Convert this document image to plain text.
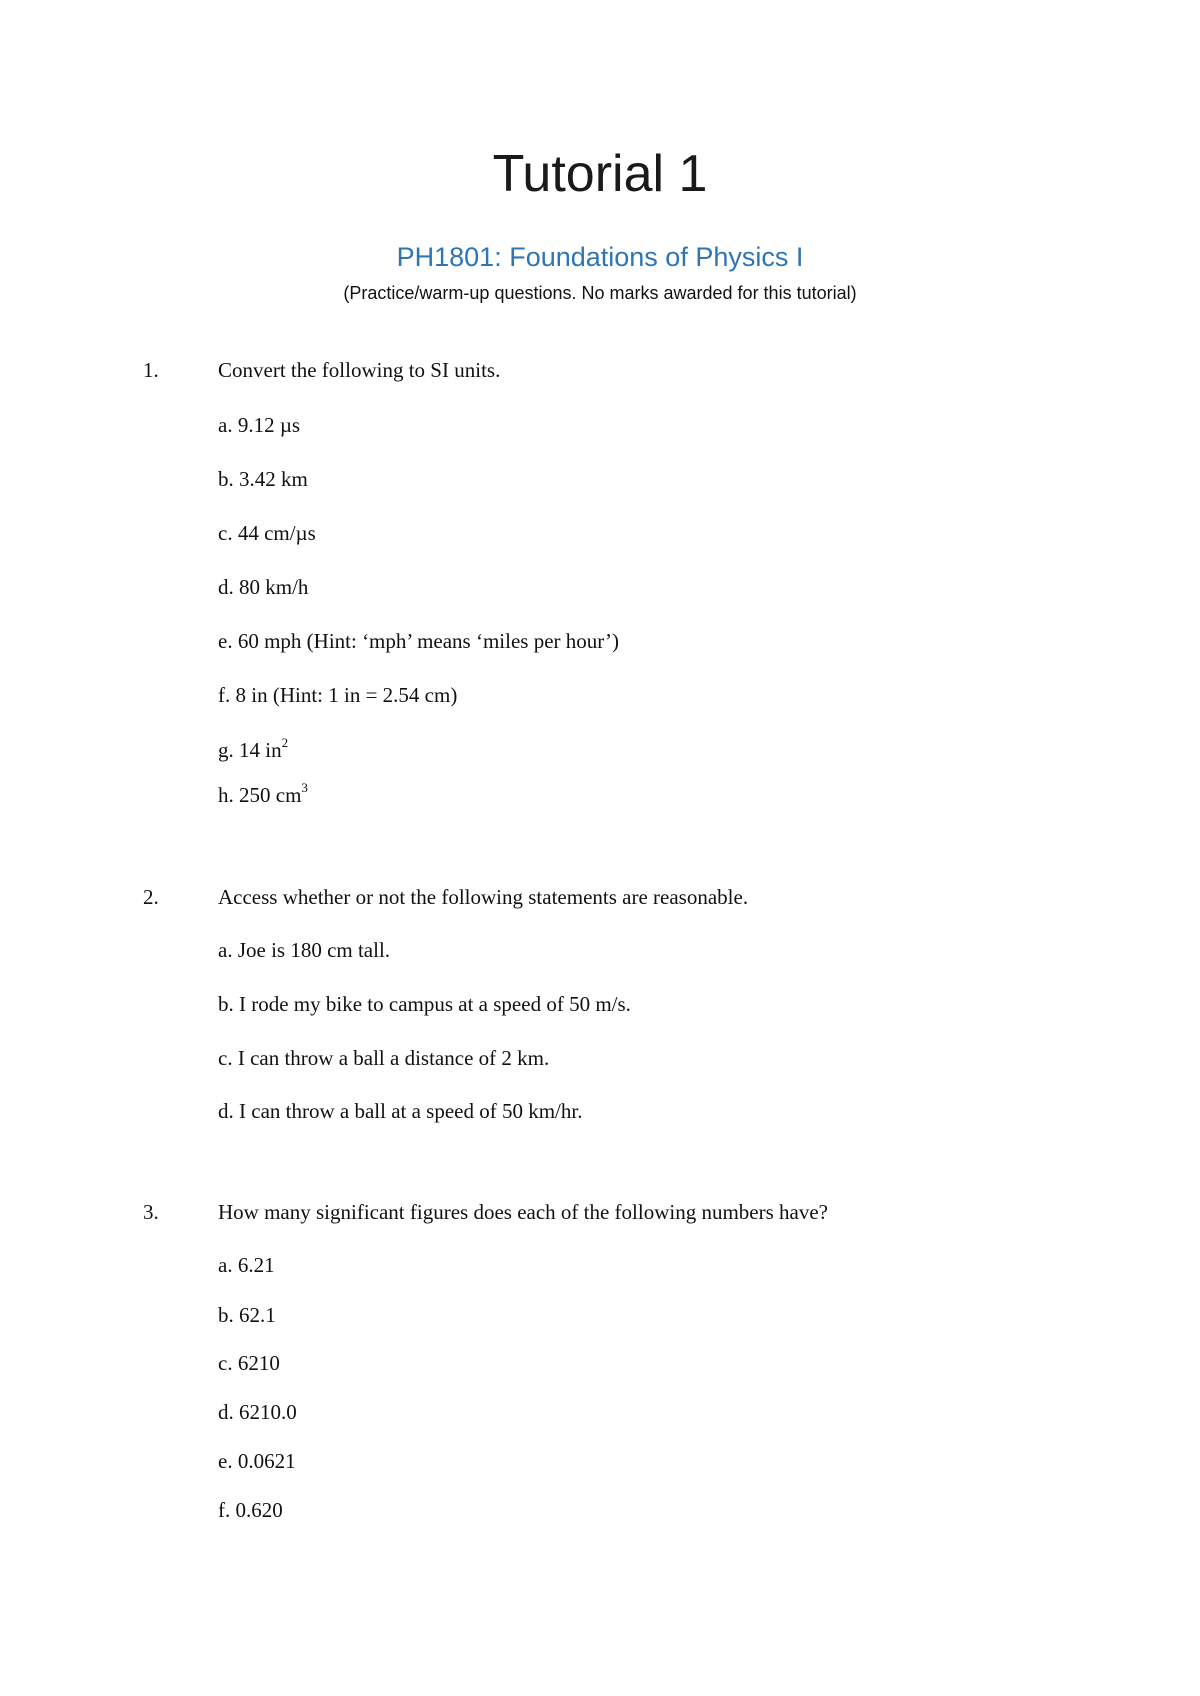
Tutorial 1
PH1801: Foundations of Physics I
(Practice/warm-up questions. No marks awarded for this tutorial)
1.	Convert the following to SI units.
a. 9.12 µs
b. 3.42 km
c. 44 cm/µs
d. 80 km/h
e. 60 mph (Hint: ‘mph’ means ‘miles per hour’)
f. 8 in (Hint: 1 in = 2.54 cm)
g. 14 $in^2$
h. 250 $cm^3$
2.	Access whether or not the following statements are reasonable.
a. Joe is 180 cm tall.
b. I rode my bike to campus at a speed of 50 m/s.
c. I can throw a ball a distance of 2 km.
d. I can throw a ball at a speed of 50 km/hr.
3.	How many significant figures does each of the following numbers have?
a. 6.21
b. 62.1
c. 6210
d. 6210.0
e. 0.0621
f. 0.620
